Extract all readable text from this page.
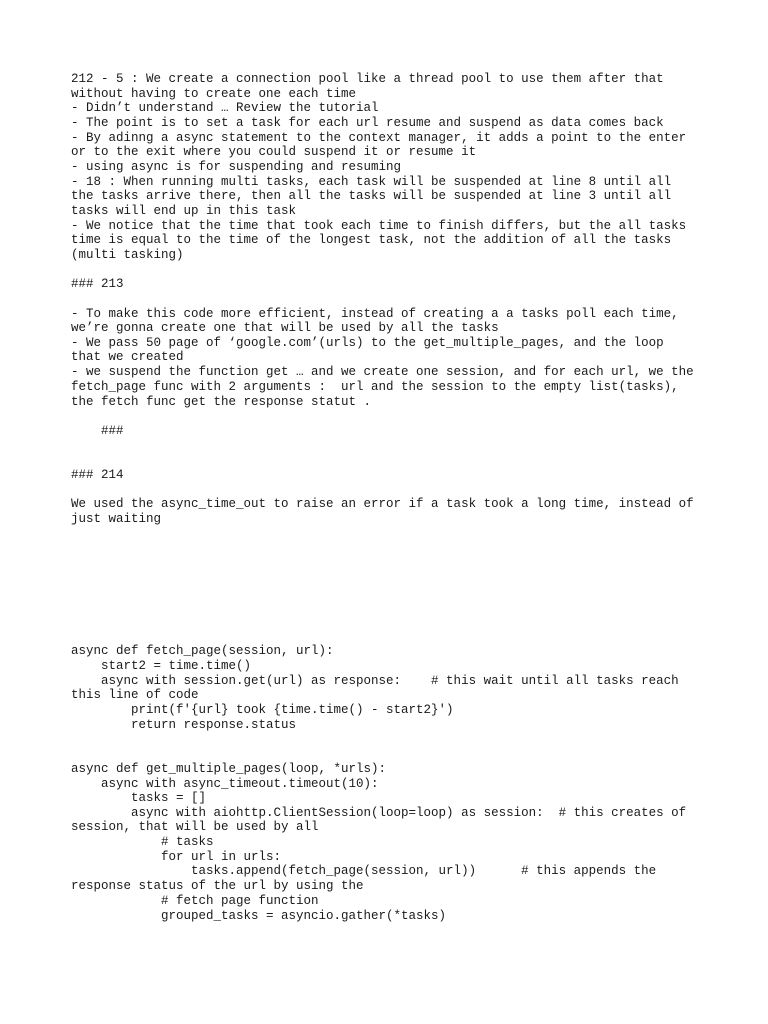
212 - 5 : We create a connection pool like a thread pool to use them after that

without having to create one each time

- Didn’t understand … Review the tutorial

- The point is to set a task for each url resume and suspend as data comes back

- By adinng a async statement to the context manager, it adds a point to the enter

or to the exit where you could suspend it or resume it

- using async is for suspending and resuming

- 18 : When running multi tasks, each task will be suspended at line 8 until all

the tasks arrive there, then all the tasks will be suspended at line 3 until all

tasks will end up in this task

- We notice that the time that took each time to finish differs, but the all tasks

time is equal to the time of the longest task, not the addition of all the tasks

(multi tasking)

### 213

- To make this code more efficient, instead of creating a a tasks poll each time,

we’re gonna create one that will be used by all the tasks

- We pass 50 page of ‘google.com’(urls) to the get_multiple_pages, and the loop

that we created

- we suspend the function get … and we create one session, and for each url, we the

fetch_page func with 2 arguments :  url and the session to the empty list(tasks),

the fetch func get the response statut .

###

### 214

We used the async_time_out to raise an error if a task took a long time, instead of

just waiting

async def fetch_page(session, url):

start2 = time.time()

async with session.get(url) as response:    # this wait until all tasks reach

this line of code

print(f'{url} took {time.time() - start2}')

return response.status

async def get_multiple_pages(loop, *urls):

async with async_timeout.timeout(10):

tasks = []

async with aiohttp.ClientSession(loop=loop) as session:  # this creates of

session, that will be used by all

# tasks

for url in urls:

tasks.append(fetch_page(session, url))      # this appends the

response status of the url by using the

# fetch page function

grouped_tasks = asyncio.gather(*tasks)
